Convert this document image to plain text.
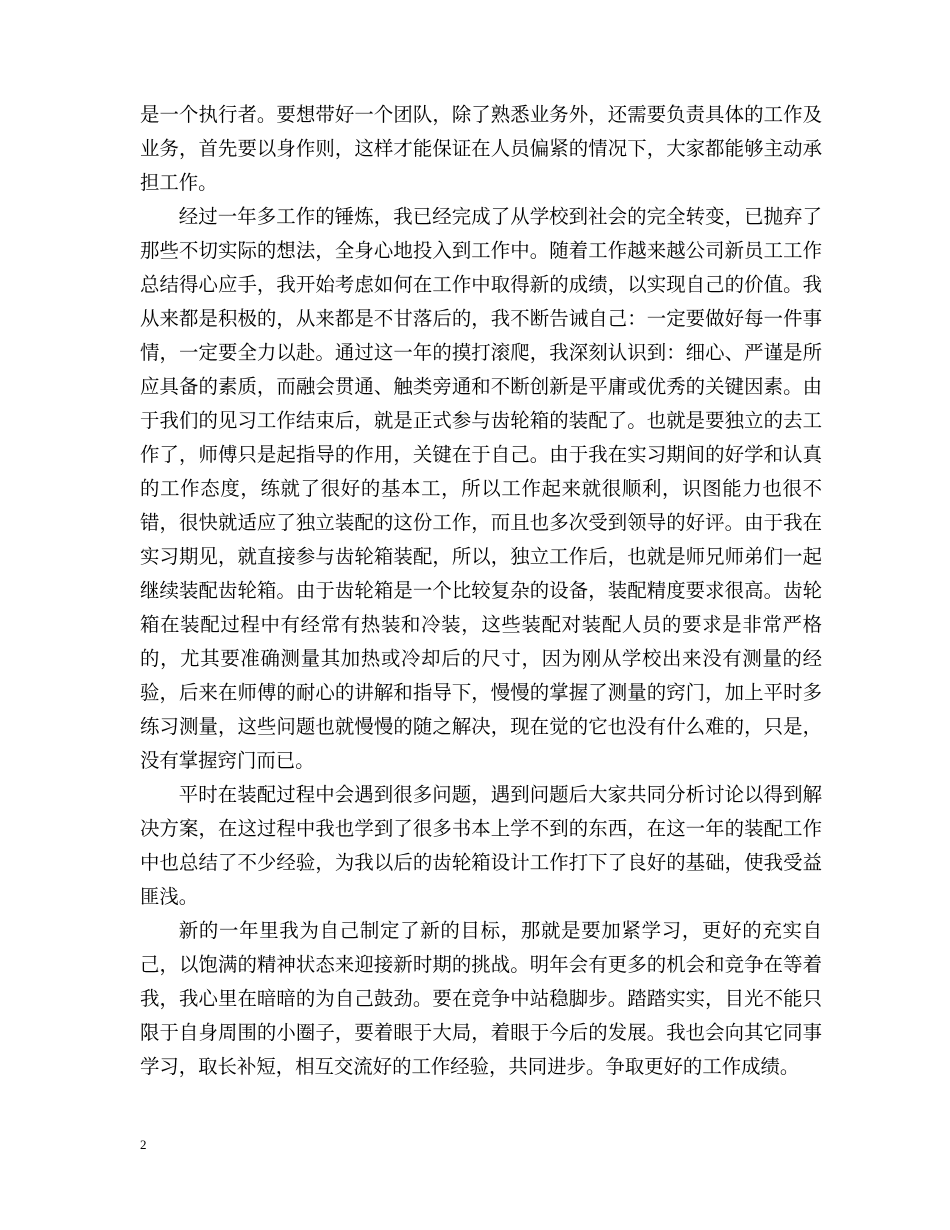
是一个执行者。要想带好一个团队，除了熟悉业务外，还需要负责具体的工作及业务，首先要以身作则，这样才能保证在人员偏紧的情况下，大家都能够主动承担工作。

经过一年多工作的锤炼，我已经完成了从学校到社会的完全转变，已抛弃了那些不切实际的想法，全身心地投入到工作中。随着工作越来越公司新员工工作总结得心应手，我开始考虑如何在工作中取得新的成绩，以实现自己的价值。我从来都是积极的，从来都是不甘落后的，我不断告诫自己：一定要做好每一件事情，一定要全力以赴。通过这一年的摸打滚爬，我深刻认识到：细心、严谨是所应具备的素质，而融会贯通、触类旁通和不断创新是平庸或优秀的关键因素。由于我们的见习工作结束后，就是正式参与齿轮箱的装配了。也就是要独立的去工作了，师傅只是起指导的作用，关键在于自己。由于我在实习期间的好学和认真的工作态度，练就了很好的基本工，所以工作起来就很顺利，识图能力也很不错，很快就适应了独立装配的这份工作，而且也多次受到领导的好评。由于我在实习期见，就直接参与齿轮箱装配，所以，独立工作后，也就是师兄师弟们一起继续装配齿轮箱。由于齿轮箱是一个比较复杂的设备，装配精度要求很高。齿轮箱在装配过程中有经常有热装和冷装，这些装配对装配人员的要求是非常严格的，尤其要准确测量其加热或冷却后的尺寸，因为刚从学校出来没有测量的经验，后来在师傅的耐心的讲解和指导下，慢慢的掌握了测量的窍门，加上平时多练习测量，这些问题也就慢慢的随之解决，现在觉的它也没有什么难的，只是，没有掌握窍门而已。

平时在装配过程中会遇到很多问题，遇到问题后大家共同分析讨论以得到解决方案，在这过程中我也学到了很多书本上学不到的东西，在这一年的装配工作中也总结了不少经验，为我以后的齿轮箱设计工作打下了良好的基础，使我受益匪浅。

新的一年里我为自己制定了新的目标，那就是要加紧学习，更好的充实自己，以饱满的精神状态来迎接新时期的挑战。明年会有更多的机会和竞争在等着我，我心里在暗暗的为自己鼓劲。要在竞争中站稳脚步。踏踏实实，目光不能只限于自身周围的小圈子，要着眼于大局，着眼于今后的发展。我也会向其它同事学习，取长补短，相互交流好的工作经验，共同进步。争取更好的工作成绩。

2
